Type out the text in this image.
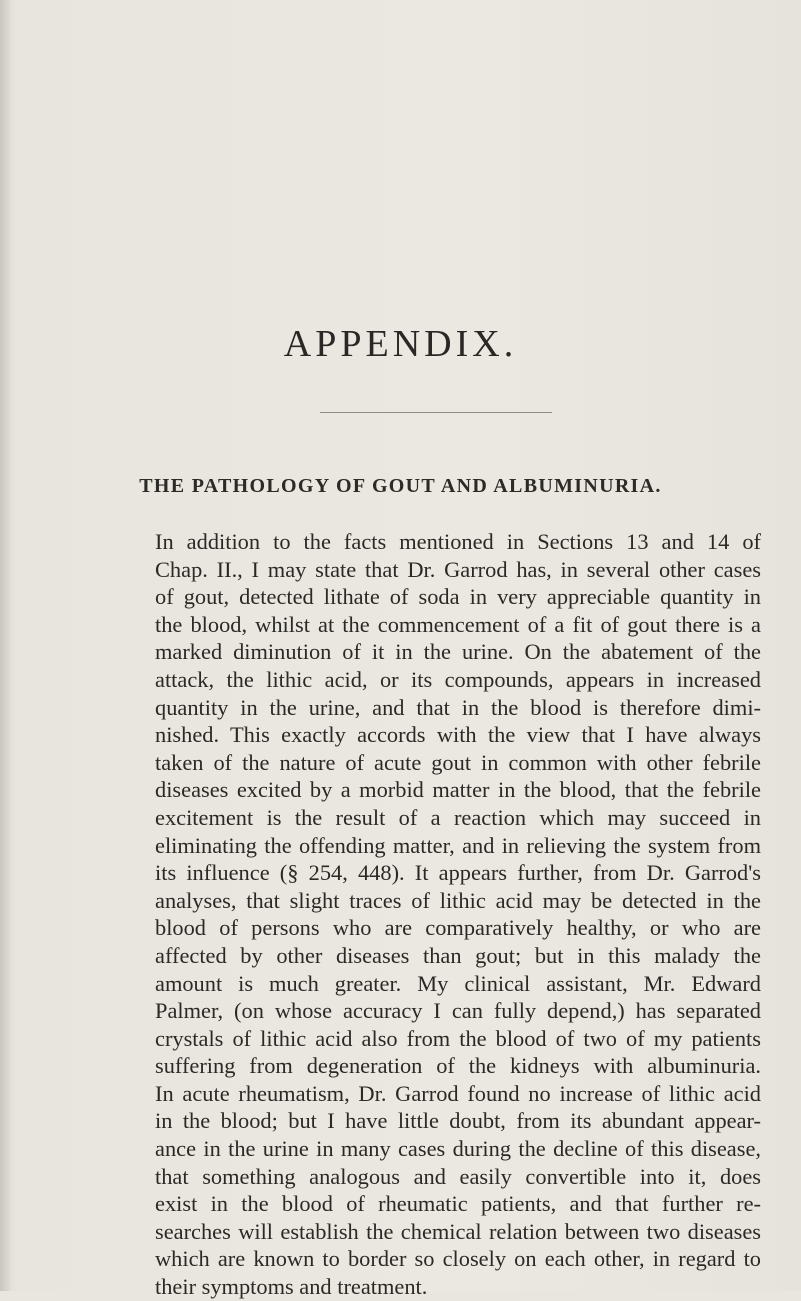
APPENDIX.
THE PATHOLOGY OF GOUT AND ALBUMINURIA.

In addition to the facts mentioned in Sections 13 and 14 of
Chap. II., I may state that Dr. Garrod has, in several other cases
of gout, detected lithate of soda in very appreciable quantity in
the blood, whilst at the commencement of a fit of gout there is a
marked diminution of it in the urine. On the abatement of the
attack, the lithic acid, or its compounds, appears in increased
quantity in the urine, and that in the blood is therefore dimi-
nished. This exactly accords with the view that I have always
taken of the nature of acute gout in common with other febrile
diseases excited by a morbid matter in the blood, that the febrile
excitement is the result of a reaction which may succeed in
eliminating the offending matter, and in relieving the system from
its influence (§ 254, 448). It appears further, from Dr. Garrod's
analyses, that slight traces of lithic acid may be detected in the
blood of persons who are comparatively healthy, or who are
affected by other diseases than gout; but in this malady the
amount is much greater. My clinical assistant, Mr. Edward
Palmer, (on whose accuracy I can fully depend,) has separated
crystals of lithic acid also from the blood of two of my patients
suffering from degeneration of the kidneys with albuminuria.
In acute rheumatism, Dr. Garrod found no increase of lithic acid
in the blood; but I have little doubt, from its abundant appear-
ance in the urine in many cases during the decline of this disease,
that something analogous and easily convertible into it, does
exist in the blood of rheumatic patients, and that further re-
searches will establish the chemical relation between two diseases
which are known to border so closely on each other, in regard to
their symptoms and treatment.
